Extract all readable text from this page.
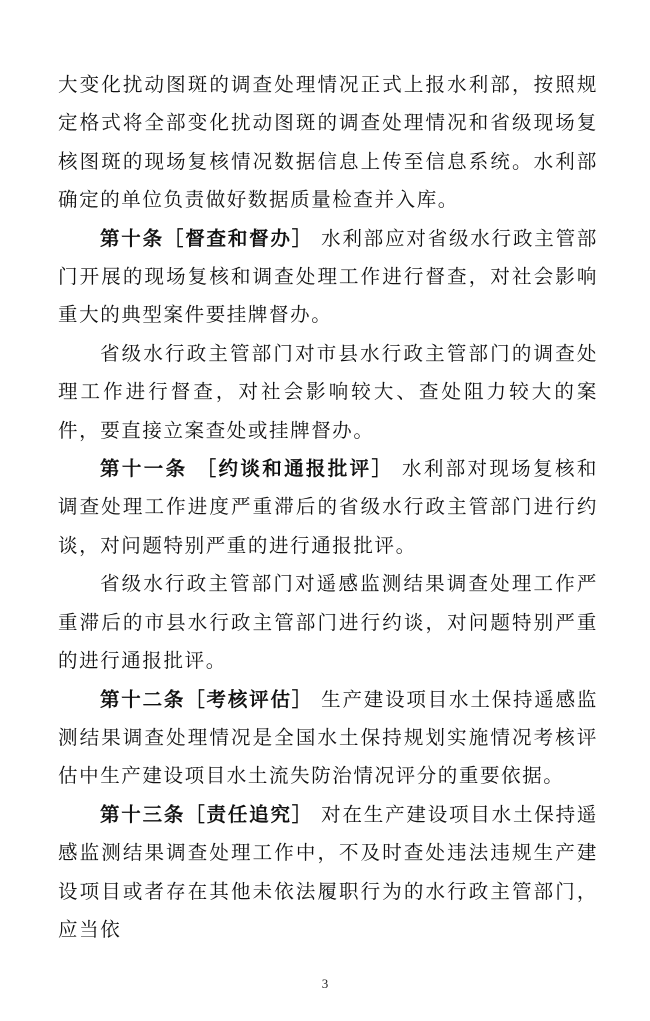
大变化扰动图斑的调查处理情况正式上报水利部，按照规定格式将全部变化扰动图斑的调查处理情况和省级现场复核图斑的现场复核情况数据信息上传至信息系统。水利部确定的单位负责做好数据质量检查并入库。

第十条［督查和督办］ 水利部应对省级水行政主管部门开展的现场复核和调查处理工作进行督查，对社会影响重大的典型案件要挂牌督办。

省级水行政主管部门对市县水行政主管部门的调查处理工作进行督查，对社会影响较大、查处阻力较大的案件，要直接立案查处或挂牌督办。

第十一条 ［约谈和通报批评］ 水利部对现场复核和调查处理工作进度严重滞后的省级水行政主管部门进行约谈，对问题特别严重的进行通报批评。

省级水行政主管部门对遥感监测结果调查处理工作严重滞后的市县水行政主管部门进行约谈，对问题特别严重的进行通报批评。

第十二条［考核评估］ 生产建设项目水土保持遥感监测结果调查处理情况是全国水土保持规划实施情况考核评估中生产建设项目水土流失防治情况评分的重要依据。

第十三条［责任追究］ 对在生产建设项目水土保持遥感监测结果调查处理工作中，不及时查处违法违规生产建设项目或者存在其他未依法履职行为的水行政主管部门，应当依

3
